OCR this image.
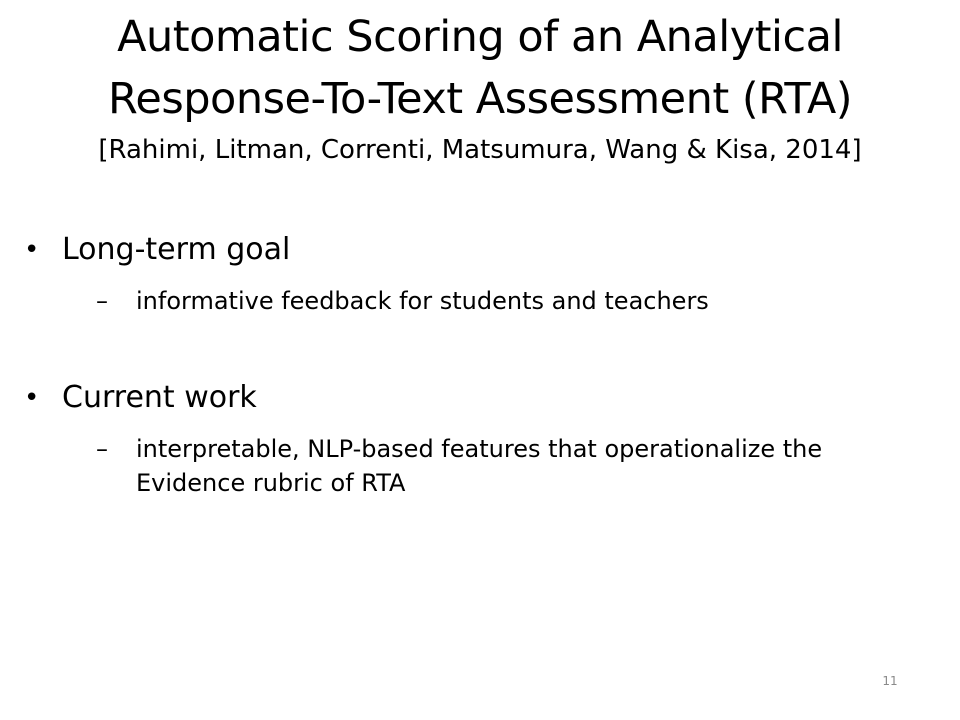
Automatic Scoring of an Analytical
Response-To-Text Assessment (RTA)
[Rahimi, Litman, Correnti, Matsumura, Wang & Kisa, 2014]
• Long-term goal
– informative feedback for students and teachers
• Current work
– interpretable, NLP-based features that operationalize the Evidence rubric of RTA
11
